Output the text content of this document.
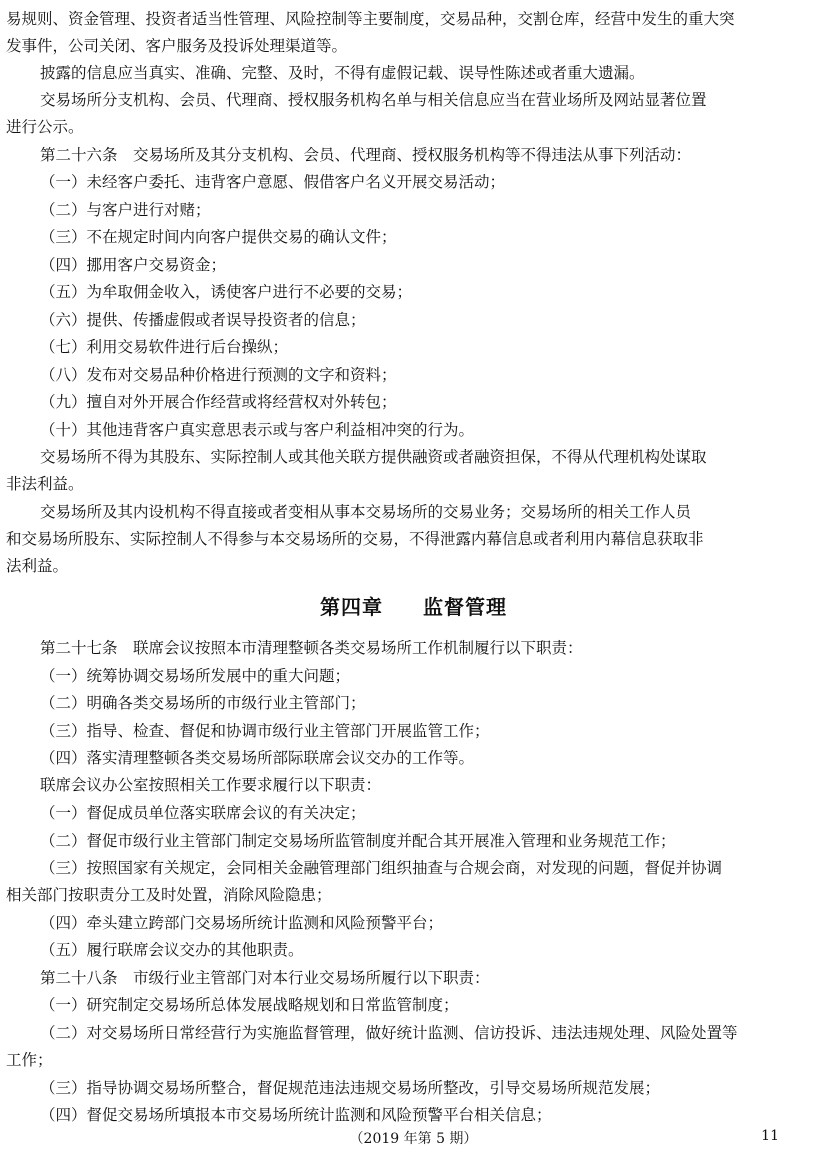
易规则、资金管理、投资者适当性管理、风险控制等主要制度，交易品种，交割仓库，经营中发生的重大突
发事件，公司关闭、客户服务及投诉处理渠道等。
披露的信息应当真实、准确、完整、及时，不得有虚假记载、误导性陈述或者重大遗漏。
交易场所分支机构、会员、代理商、授权服务机构名单与相关信息应当在营业场所及网站显著位置
进行公示。
第二十六条　交易场所及其分支机构、会员、代理商、授权服务机构等不得违法从事下列活动：
（一）未经客户委托、违背客户意愿、假借客户名义开展交易活动；
（二）与客户进行对赌；
（三）不在规定时间内向客户提供交易的确认文件；
（四）挪用客户交易资金；
（五）为牟取佣金收入，诱使客户进行不必要的交易；
（六）提供、传播虚假或者误导投资者的信息；
（七）利用交易软件进行后台操纵；
（八）发布对交易品种价格进行预测的文字和资料；
（九）擅自对外开展合作经营或将经营权对外转包；
（十）其他违背客户真实意思表示或与客户利益相冲突的行为。
交易场所不得为其股东、实际控制人或其他关联方提供融资或者融资担保，不得从代理机构处谋取
非法利益。
交易场所及其内设机构不得直接或者变相从事本交易场所的交易业务；交易场所的相关工作人员
和交易场所股东、实际控制人不得参与本交易场所的交易，不得泄露内幕信息或者利用内幕信息获取非
法利益。
第四章　　 监督管理
第二十七条　联席会议按照本市清理整顿各类交易场所工作机制履行以下职责：
（一）统筹协调交易场所发展中的重大问题；
（二）明确各类交易场所的市级行业主管部门；
（三）指导、检查、督促和协调市级行业主管部门开展监管工作；
（四）落实清理整顿各类交易场所部际联席会议交办的工作等。
联席会议办公室按照相关工作要求履行以下职责：
（一）督促成员单位落实联席会议的有关决定；
（二）督促市级行业主管部门制定交易场所监管制度并配合其开展准入管理和业务规范工作；
（三）按照国家有关规定，会同相关金融管理部门组织抽查与合规会商，对发现的问题，督促并协调
相关部门按职责分工及时处置，消除风险隐患；
（四）牵头建立跨部门交易场所统计监测和风险预警平台；
（五）履行联席会议交办的其他职责。
第二十八条　市级行业主管部门对本行业交易场所履行以下职责：
（一）研究制定交易场所总体发展战略规划和日常监管制度；
（二）对交易场所日常经营行为实施监督管理，做好统计监测、信访投诉、违法违规处理、风险处置等
工作；
（三）指导协调交易场所整合，督促规范违法违规交易场所整改，引导交易场所规范发展；
（四）督促交易场所填报本市交易场所统计监测和风险预警平台相关信息；
（2019 年第 5 期）	11
